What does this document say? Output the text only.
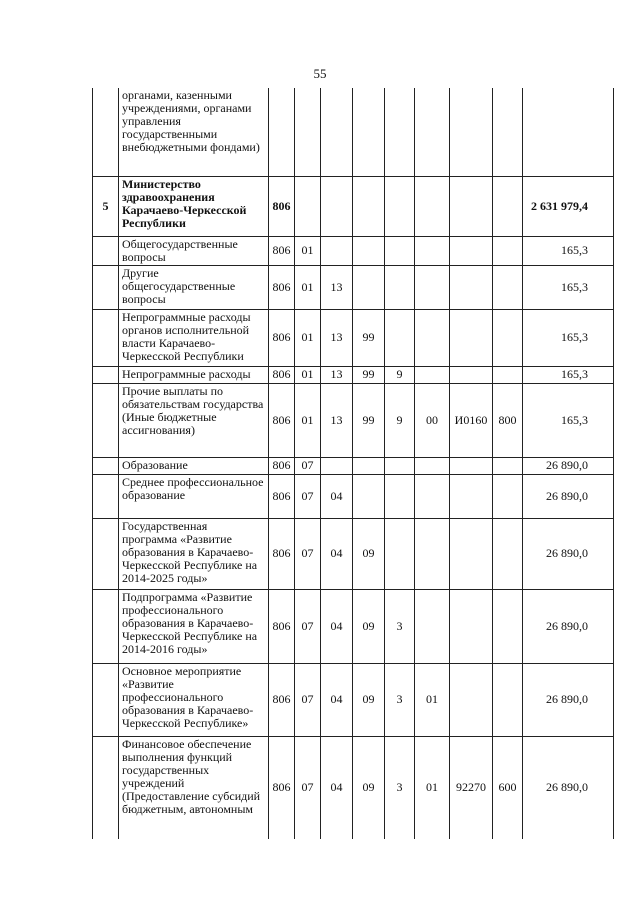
55
	органами, казенными учреждениями, органами управления государственными внебюджетными фондами)									
5	Министерство здравоохранения Карачаево-Черкесской Республики	806								2 631 979,4
	Общегосударственные вопросы	806	01							165,3
	Другие общегосударственные вопросы	806	01	13						165,3
	Непрограммные расходы органов исполнительной власти Карачаево-Черкесской Республики	806	01	13	99					165,3
	Непрограммные расходы	806	01	13	99	9				165,3
	Прочие выплаты по обязательствам государства (Иные бюджетные ассигнования)	806	01	13	99	9	00	И0160	800	165,3
	Образование	806	07							26 890,0
	Среднее профессиональное образование	806	07	04						26 890,0
	Государственная программа «Развитие образования в Карачаево-Черкесской Республике на 2014-2025 годы»	806	07	04	09					26 890,0
	Подпрограмма «Развитие профессионального образования в Карачаево-Черкесской Республике на 2014-2016 годы»	806	07	04	09	3				26 890,0
	Основное мероприятие «Развитие профессионального образования в Карачаево-Черкесской Республике»	806	07	04	09	3	01			26 890,0
	Финансовое обеспечение выполнения функций государственных учреждений (Предоставление субсидий бюджетным, автономным	806	07	04	09	3	01	92270	600	26 890,0
